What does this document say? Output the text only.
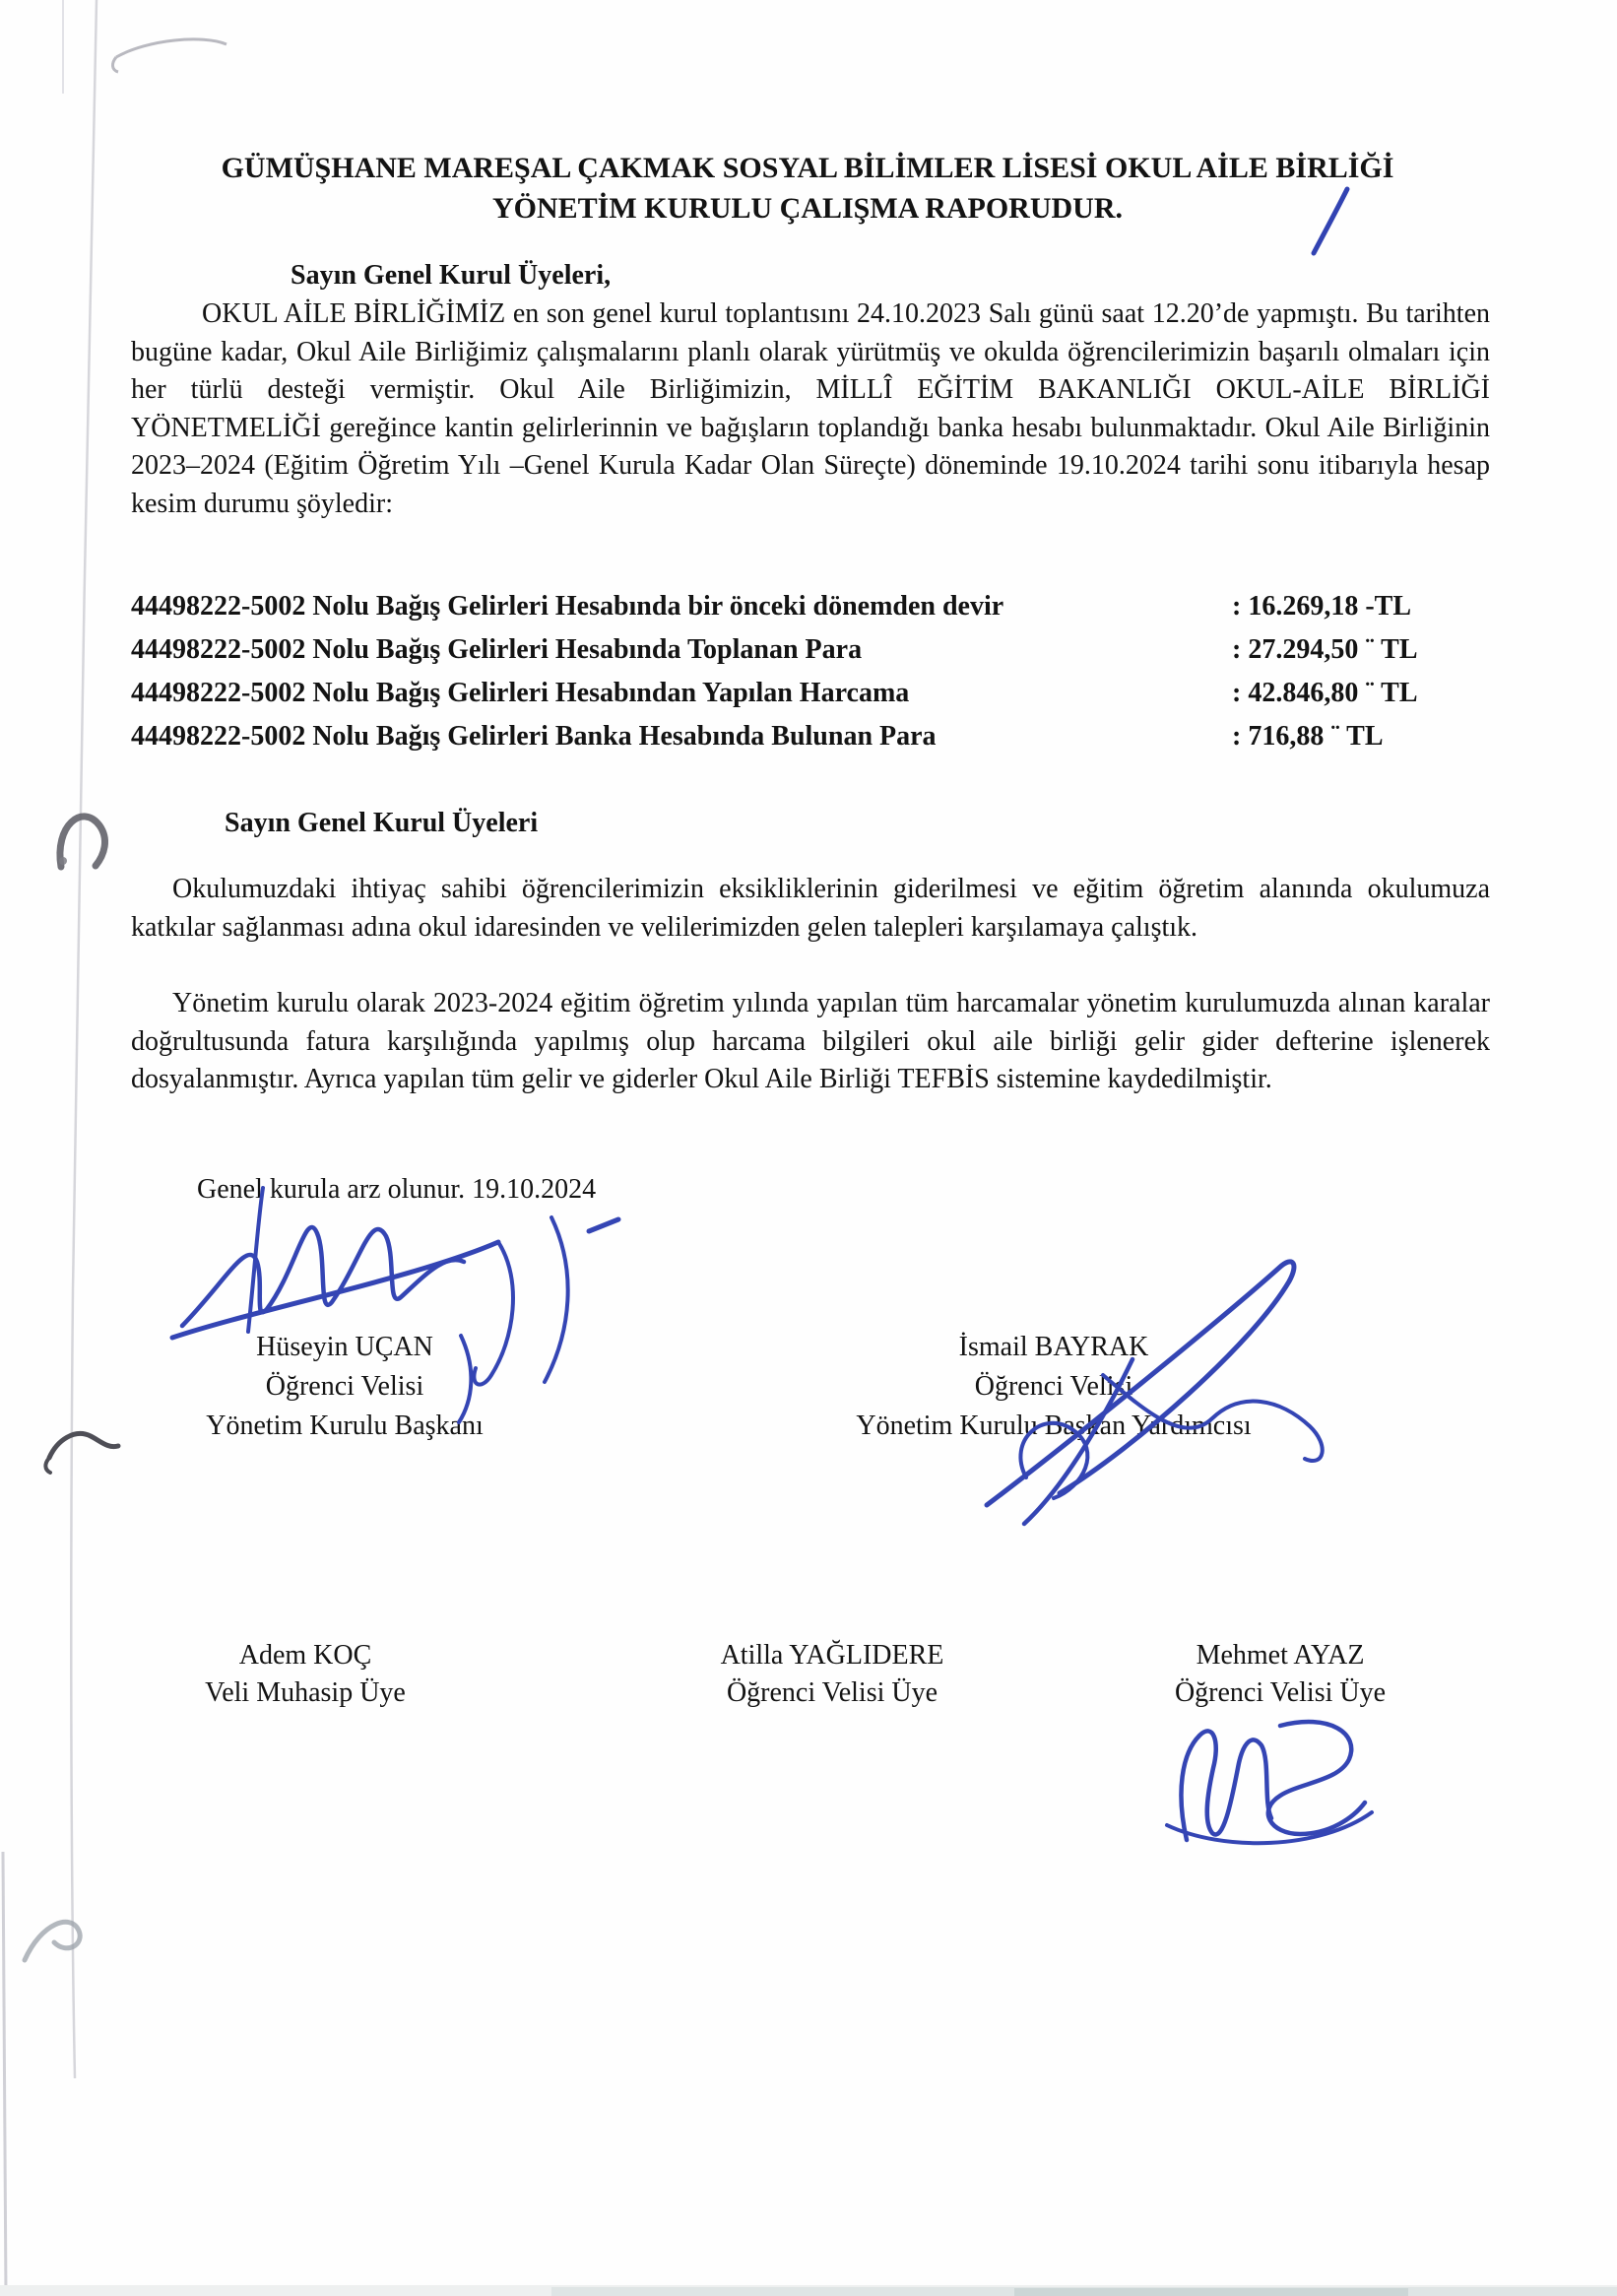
GÜMÜŞHANE MAREŞAL ÇAKMAK SOSYAL BİLİMLER LİSESİ OKUL AİLE BİRLİĞİ
YÖNETİM KURULU ÇALIŞMA RAPORUDUR.
Sayın Genel Kurul Üyeleri,
OKUL AİLE BİRLİĞİMİZ en son genel kurul toplantısını 24.10.2023 Salı günü saat 12.20’de yapmıştı. Bu tarihten bugüne kadar, Okul Aile Birliğimiz çalışmalarını planlı olarak yürütmüş ve okulda öğrencilerimizin başarılı olmaları için her türlü desteği vermiştir. Okul Aile Birliğimizin, MİLLÎ EĞİTİM BAKANLIĞI OKUL-AİLE BİRLİĞİ YÖNETMELİĞİ gereğince kantin gelirlerinnin ve bağışların toplandığı banka hesabı bulunmaktadır. Okul Aile Birliğinin 2023–2024 (Eğitim Öğretim Yılı –Genel Kurula Kadar Olan Süreçte) döneminde 19.10.2024 tarihi sonu itibarıyla hesap kesim durumu şöyledir:
44498222-5002 Nolu Bağış Gelirleri Hesabında bir önceki dönemden devir	: 16.269,18 -TL
44498222-5002 Nolu Bağış Gelirleri Hesabında Toplanan Para	: 27.294,50 ¨ TL
44498222-5002 Nolu Bağış Gelirleri Hesabından Yapılan Harcama	: 42.846,80 ¨ TL
44498222-5002 Nolu Bağış Gelirleri Banka Hesabında Bulunan Para	: 716,88 ¨ TL
Sayın Genel Kurul Üyeleri
Okulumuzdaki ihtiyaç sahibi öğrencilerimizin eksikliklerinin giderilmesi ve eğitim öğretim alanında okulumuza katkılar sağlanması adına okul idaresinden ve velilerimizden gelen talepleri karşılamaya çalıştık.
Yönetim kurulu olarak 2023-2024 eğitim öğretim yılında yapılan tüm harcamalar yönetim kurulumuzda alınan karalar doğrultusunda fatura karşılığında yapılmış olup harcama bilgileri okul aile birliği gelir gider defterine işlenerek dosyalanmıştır. Ayrıca yapılan tüm gelir ve giderler Okul Aile Birliği TEFBİS sistemine kaydedilmiştir.
Genel kurula arz olunur. 19.10.2024
Hüseyin UÇAN
Öğrenci Velisi
Yönetim Kurulu Başkanı
İsmail BAYRAK
Öğrenci Velisi
Yönetim Kurulu Başkan Yardımcısı
Adem KOÇ
Veli Muhasip Üye
Atilla YAĞLIDERE
Öğrenci Velisi Üye
Mehmet AYAZ
Öğrenci Velisi Üye
